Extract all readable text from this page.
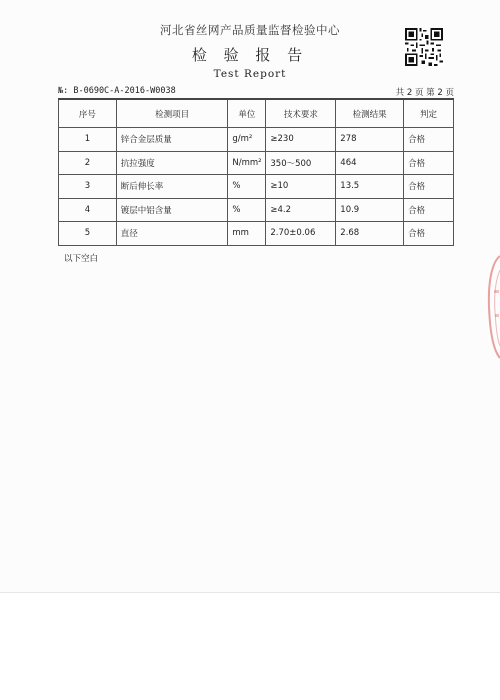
河北省丝网产品质量监督检验中心
检 验 报 告
Test Report
№: B-0690C-A-2016-W0038	共 2 页 第 2 页
序号	检测项目	单位	技术要求	检测结果	判定
1	锌合金层质量	g/m²	≥230	278	合格
2	抗拉强度	N/mm²	350～500	464	合格
3	断后伸长率	%	≥10	13.5	合格
4	镀层中铝含量	%	≥4.2	10.9	合格
5	直径	mm	2.70±0.06	2.68	合格
以下空白
